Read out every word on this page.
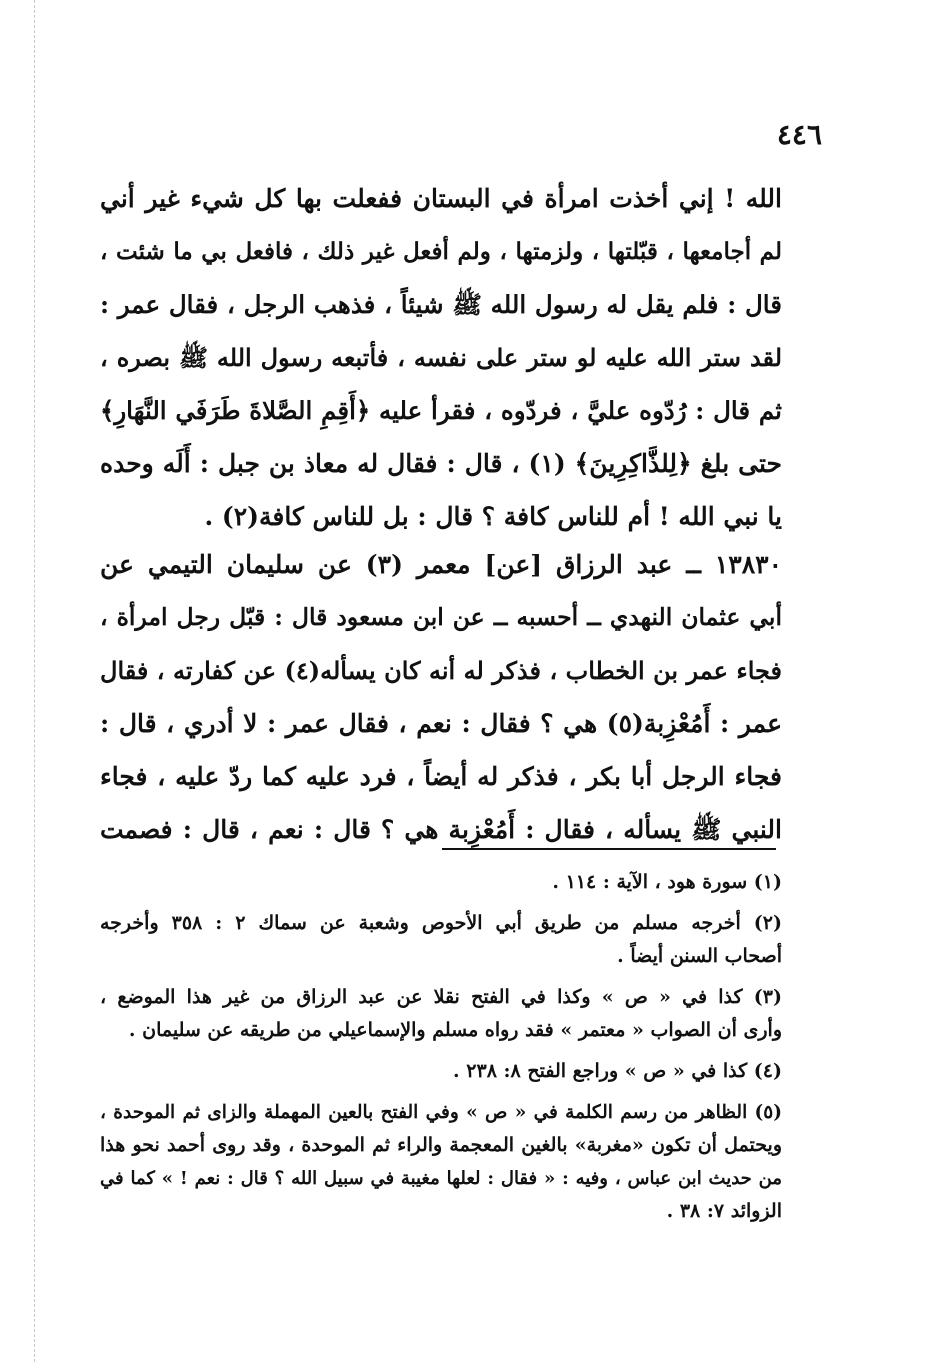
٤٤٦
الله ! إني أخذت امرأة في البستان ففعلت بها كل شيء غير أني
لم أجامعها ، قبّلتها ، ولزمتها ، ولم أفعل غير ذلك ، فافعل بي ما شئت ،
قال : فلم يقل له رسول الله ﷺ شيئاً ، فذهب الرجل ، فقال عمر :
لقد ستر الله عليه لو ستر على نفسه ، فأتبعه رسول الله ﷺ بصره ،
ثم قال : رُدّوه عليَّ ، فردّوه ، فقرأ عليه ﴿أَقِمِ الصَّلاةَ طَرَفَي النَّهَارِ﴾
حتى بلغ ﴿لِلذَّاكِرِينَ﴾ (١) ، قال : فقال له معاذ بن جبل : أَلَه وحده
يا نبي الله ! أم للناس كافة ؟ قال : بل للناس كافة(٢) .
١٣٨٣٠ ــ عبد الرزاق [عن] معمر (٣) عن سليمان التيمي عن
أبي عثمان النهدي ــ أحسبه ــ عن ابن مسعود قال : قبّل رجل امرأة ،
فجاء عمر بن الخطاب ، فذكر له أنه كان يسأله(٤) عن كفارته ، فقال
عمر : أَمُعْزِبة(٥) هي ؟ فقال : نعم ، فقال عمر : لا أدري ، قال :
فجاء الرجل أبا بكر ، فذكر له أيضاً ، فرد عليه كما ردّ عليه ، فجاء
النبي ﷺ يسأله ، فقال : أَمُعْزِبة هي ؟ قال : نعم ، قال : فصمت
(١) سورة هود ، الآية : ١١٤ .
(٢) أخرجه مسلم من طريق أبي الأحوص وشعبة عن سماك ٢ : ٣٥٨ وأخرجه
أصحاب السنن أيضاً .
(٣) كذا في « ص » وكذا في الفتح نقلا عن عبد الرزاق من غير هذا الموضع ،
وأرى أن الصواب « معتمر » فقد رواه مسلم والإسماعيلي من طريقه عن سليمان .
(٤) كذا في « ص » وراجع الفتح ٨: ٢٣٨ .
(٥) الظاهر من رسم الكلمة في « ص » وفي الفتح بالعين المهملة والزاى ثم الموحدة ،
ويحتمل أن تكون «مغربة» بالغين المعجمة والراء ثم الموحدة ، وقد روى أحمد نحو هذا
من حديث ابن عباس ، وفيه : « فقال : لعلها مغيبة في سبيل الله ؟ قال : نعم ! » كما في
الزوائد ٧: ٣٨ .
